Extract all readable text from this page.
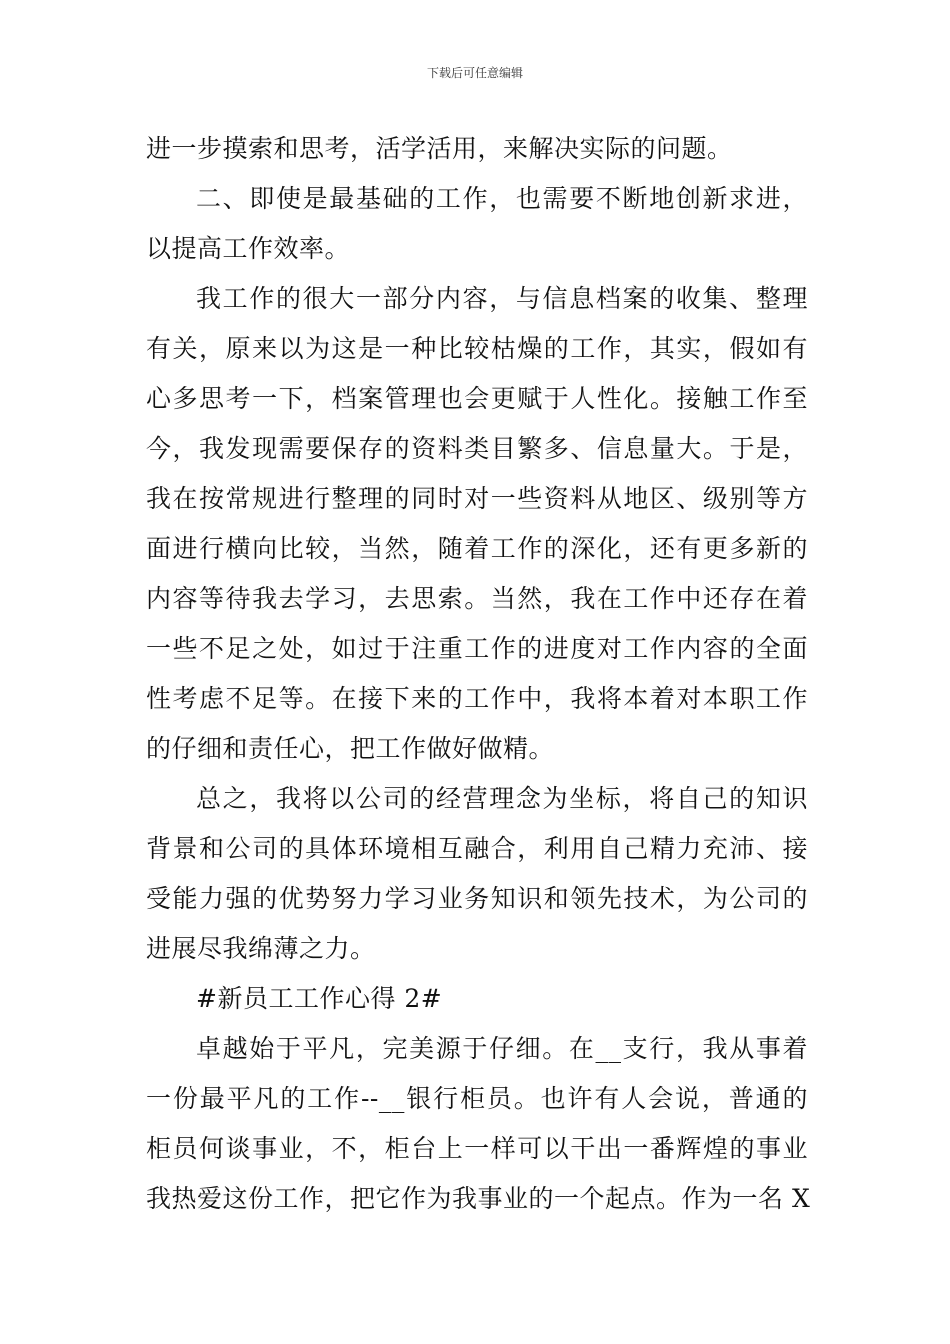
下载后可任意编辑
进一步摸索和思考，活学活用，来解决实际的问题。
二、即使是最基础的工作，也需要不断地创新求进，
以提高工作效率。
我工作的很大一部分内容，与信息档案的收集、整理
有关，原来以为这是一种比较枯燥的工作，其实，假如有
心多思考一下，档案管理也会更赋于人性化。接触工作至
今，我发现需要保存的资料类目繁多、信息量大。于是，
我在按常规进行整理的同时对一些资料从地区、级别等方
面进行横向比较，当然，随着工作的深化，还有更多新的
内容等待我去学习，去思索。当然，我在工作中还存在着
一些不足之处，如过于注重工作的进度对工作内容的全面
性考虑不足等。在接下来的工作中，我将本着对本职工作
的仔细和责任心，把工作做好做精。
总之，我将以公司的经营理念为坐标，将自己的知识
背景和公司的具体环境相互融合，利用自己精力充沛、接
受能力强的优势努力学习业务知识和领先技术，为公司的
进展尽我绵薄之力。
#新员工工作心得 2#
卓越始于平凡，完美源于仔细。在__支行，我从事着
一份最平凡的工作--__银行柜员。也许有人会说，普通的
柜员何谈事业，不，柜台上一样可以干出一番辉煌的事业
我热爱这份工作，把它作为我事业的一个起点。作为一名 X
